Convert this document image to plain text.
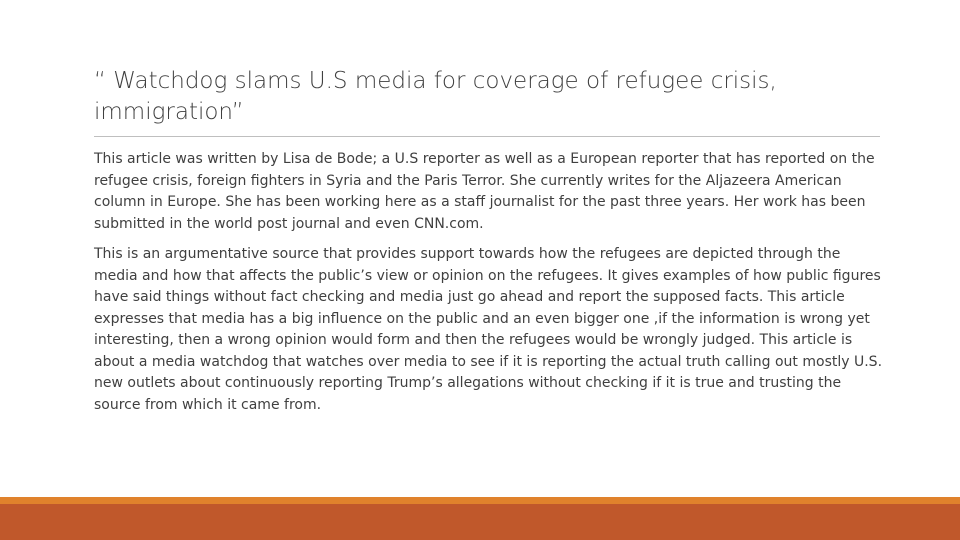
“ Watchdog slams U.S media for coverage of refugee crisis, immigration”

This article was written by Lisa de Bode; a U.S reporter as well as a European reporter that has reported on the refugee crisis, foreign fighters in Syria and the Paris Terror. She currently writes for the Aljazeera American column in Europe. She has been working here as a staff journalist for the past three years. Her work has been submitted in the world post journal and even CNN.com.

This is an argumentative source that provides support towards how the refugees are depicted through the media and how that affects the public’s view or opinion on the refugees. It gives examples of how public figures have said things without fact checking and media just go ahead and report the supposed facts. This article expresses that media has a big influence on the public and an even bigger one ,if the information is wrong yet interesting, then a wrong opinion would form and then the refugees would be wrongly judged. This article is about a media watchdog that watches over media to see if it is reporting the actual truth calling out mostly U.S. new outlets about continuously reporting Trump’s allegations without checking if it is true and trusting the source from which it came from.
